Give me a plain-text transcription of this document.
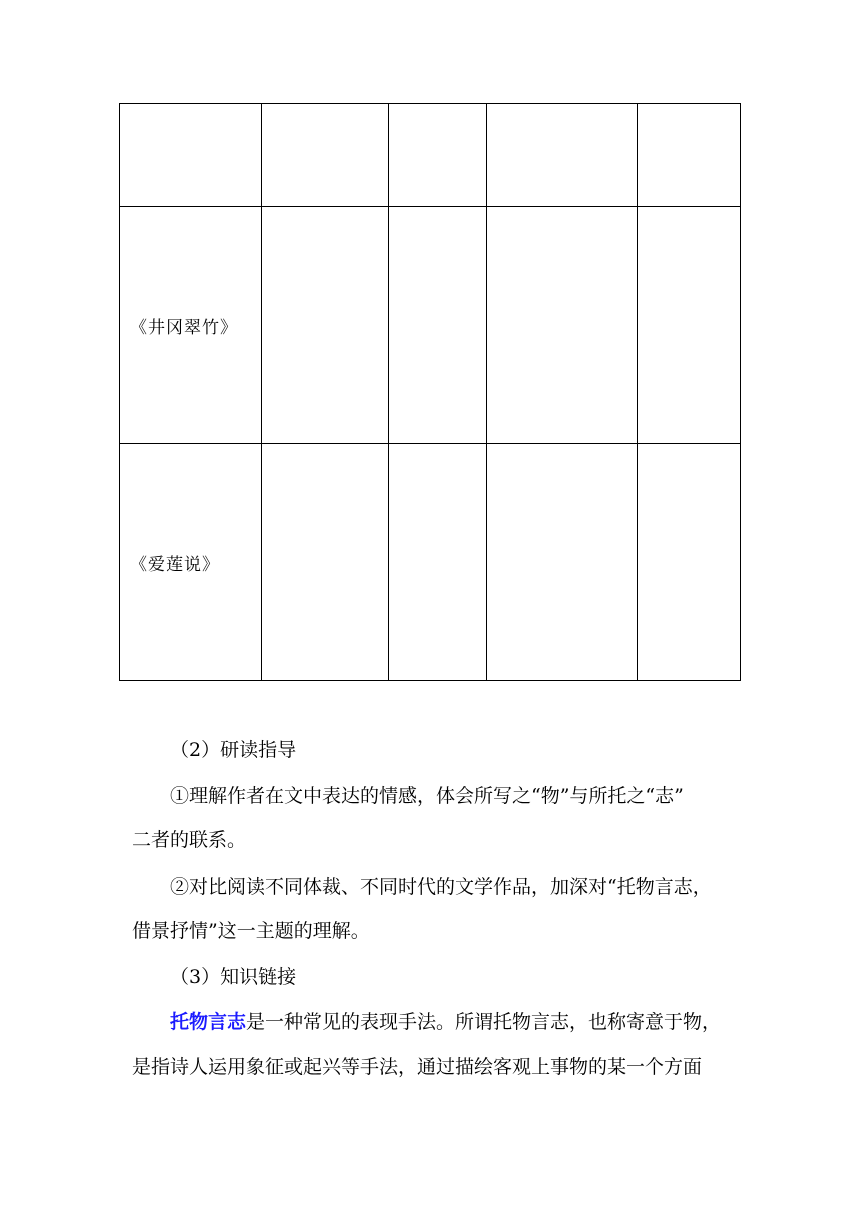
《井冈翠竹》				
《爱莲说》				
（2）研读指导
①理解作者在文中表达的情感，体会所写之“物”与所托之“志”
二者的联系。
②对比阅读不同体裁、不同时代的文学作品，加深对“托物言志，
借景抒情”这一主题的理解。
（3）知识链接
托物言志是一种常见的表现手法。所谓托物言志，也称寄意于物，
是指诗人运用象征或起兴等手法，通过描绘客观上事物的某一个方面
